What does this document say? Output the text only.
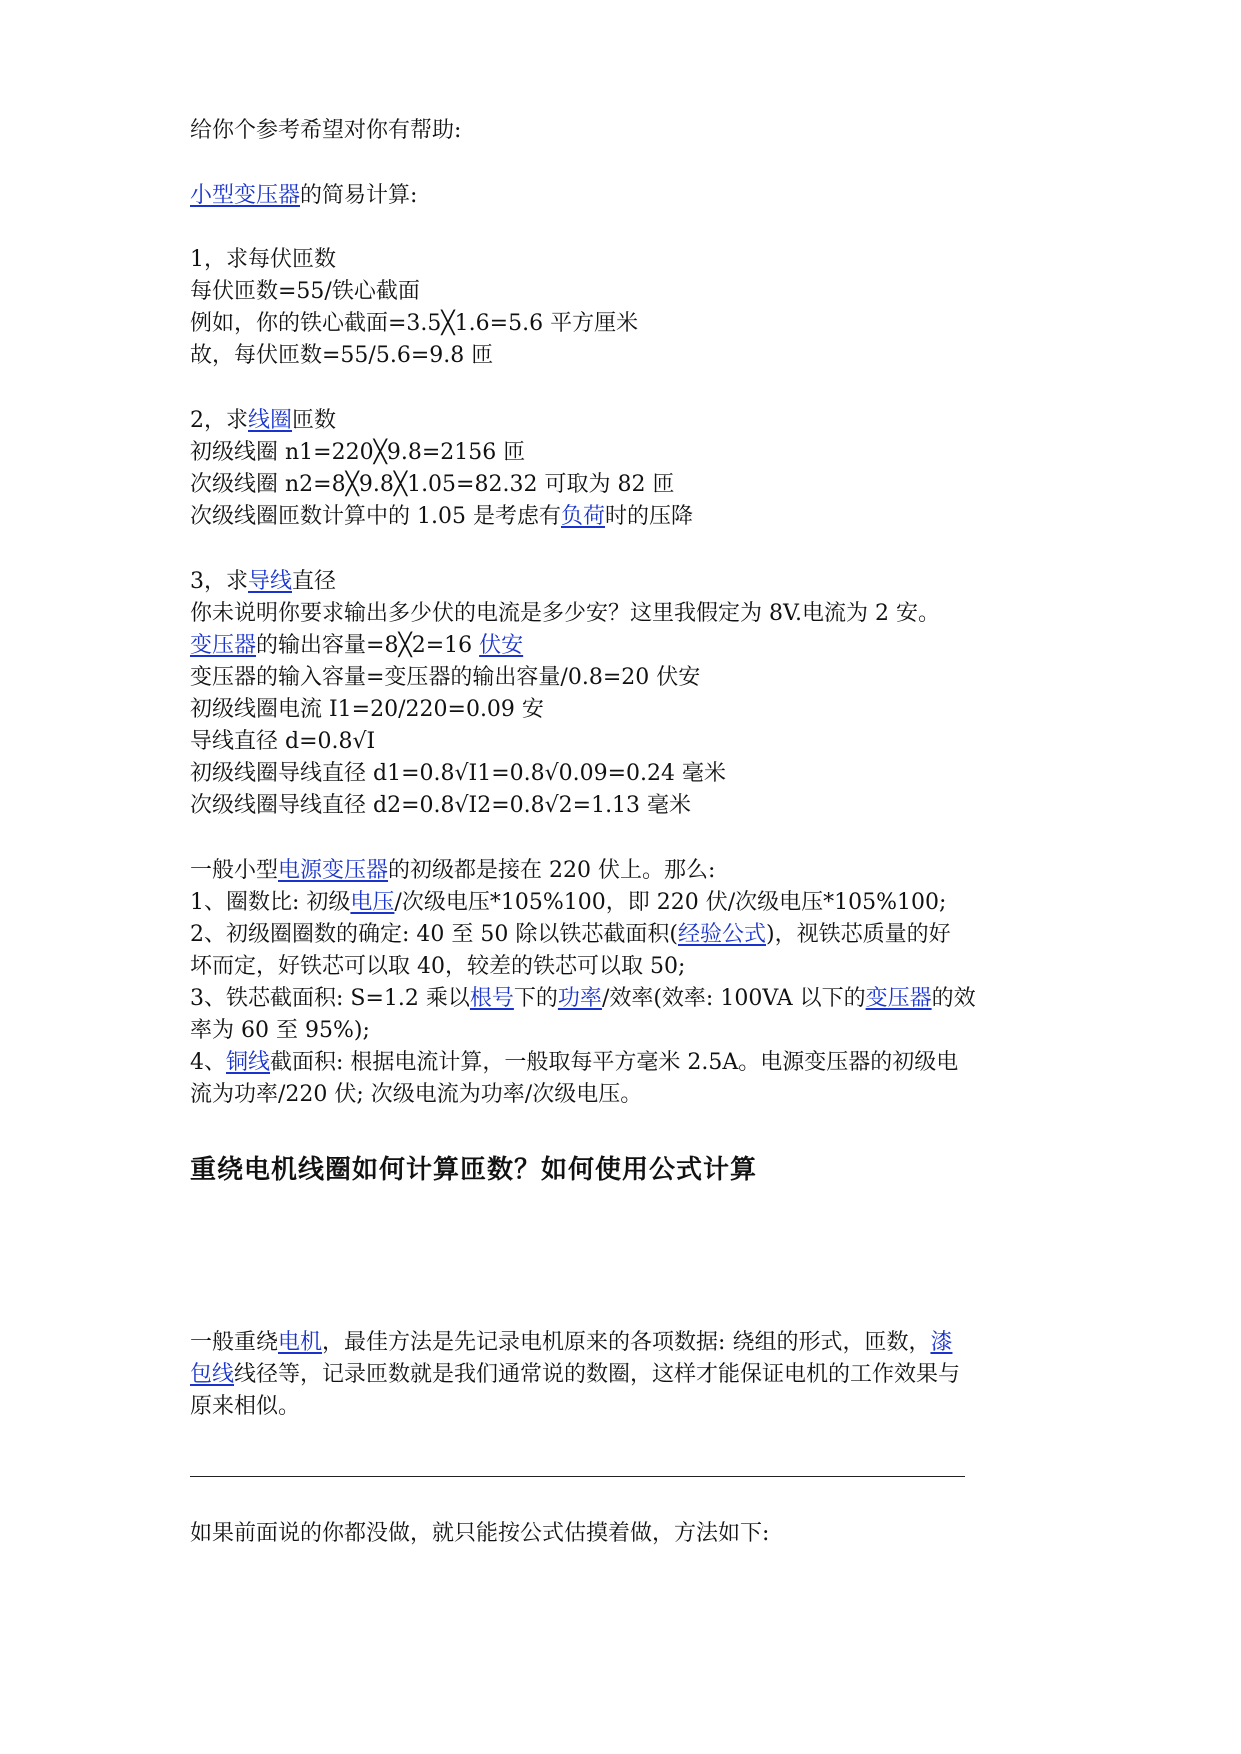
给你个参考希望对你有帮助:
小型变压器的简易计算:
1，求每伏匝数
每伏匝数=55/铁心截面
例如，你的铁心截面=3.5╳1.6=5.6 平方厘米
故，每伏匝数=55/5.6=9.8 匝
2，求线圈匝数
初级线圈 n1=220╳9.8=2156 匝
次级线圈 n2=8╳9.8╳1.05=82.32 可取为 82 匝
次级线圈匝数计算中的 1.05 是考虑有负荷时的压降
3，求导线直径
你未说明你要求输出多少伏的电流是多少安？这里我假定为 8V.电流为 2 安。
变压器的输出容量=8╳2=16 伏安
变压器的输入容量=变压器的输出容量/0.8=20 伏安
初级线圈电流 I1=20/220=0.09 安
导线直径 d=0.8√I
初级线圈导线直径 d1=0.8√I1=0.8√0.09=0.24 毫米
次级线圈导线直径 d2=0.8√I2=0.8√2=1.13 毫米
一般小型电源变压器的初级都是接在 220 伏上。那么:
1、圈数比: 初级电压/次级电压*105%100，即 220 伏/次级电压*105%100;
2、初级圈圈数的确定: 40 至 50 除以铁芯截面积(经验公式)，视铁芯质量的好
坏而定，好铁芯可以取 40，较差的铁芯可以取 50;
3、铁芯截面积: S=1.2 乘以根号下的功率/效率(效率: 100VA 以下的变压器的效
率为 60 至 95%);
4、铜线截面积: 根据电流计算，一般取每平方毫米 2.5A。电源变压器的初级电
流为功率/220 伏; 次级电流为功率/次级电压。
重绕电机线圈如何计算匝数？如何使用公式计算
一般重绕电机，最佳方法是先记录电机原来的各项数据: 绕组的形式，匝数，漆
包线线径等，记录匝数就是我们通常说的数圈，这样才能保证电机的工作效果与
原来相似。
如果前面说的你都没做，就只能按公式估摸着做，方法如下:
